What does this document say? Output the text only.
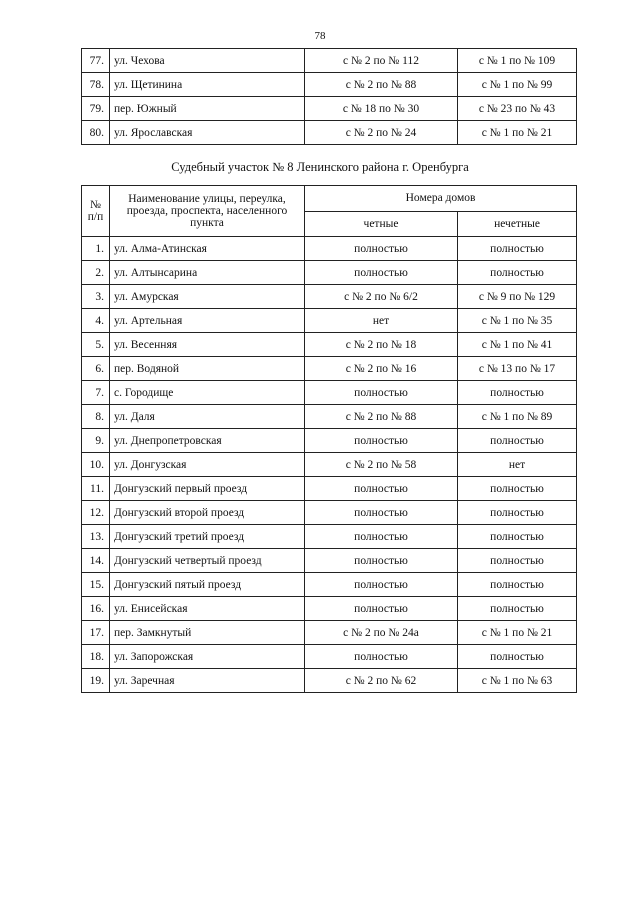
78
77.	ул. Чехова	с № 2 по № 112	с № 1 по № 109
78.	ул. Щетинина	с № 2 по № 88	с № 1 по № 99
79.	пер. Южный	с № 18 по № 30	с № 23 по № 43
80.	ул. Ярославская	с № 2 по № 24	с № 1 по № 21
Судебный участок № 8 Ленинского района г. Оренбурга
№ п/п	Наименование улицы, переулка, проезда, проспекта, населенного пункта	Номера домов	
		четные	нечетные
1.	ул. Алма-Атинская	полностью	полностью
2.	ул. Алтынсарина	полностью	полностью
3.	ул. Амурская	с № 2 по № 6/2	с № 9 по № 129
4.	ул. Артельная	нет	с № 1 по № 35
5.	ул. Весенняя	с № 2 по № 18	с № 1 по № 41
6.	пер. Водяной	с № 2 по № 16	с № 13 по № 17
7.	с. Городище	полностью	полностью
8.	ул. Даля	с № 2 по № 88	с № 1 по № 89
9.	ул. Днепропетровская	полностью	полностью
10.	ул. Донгузская	с № 2 по № 58	нет
11.	Донгузский первый проезд	полностью	полностью
12.	Донгузский второй проезд	полностью	полностью
13.	Донгузский третий проезд	полностью	полностью
14.	Донгузский четвертый проезд	полностью	полностью
15.	Донгузский пятый проезд	полностью	полностью
16.	ул. Енисейская	полностью	полностью
17.	пер. Замкнутый	с № 2 по № 24а	с № 1 по № 21
18.	ул. Запорожская	полностью	полностью
19.	ул. Заречная	с № 2 по № 62	с № 1 по № 63
